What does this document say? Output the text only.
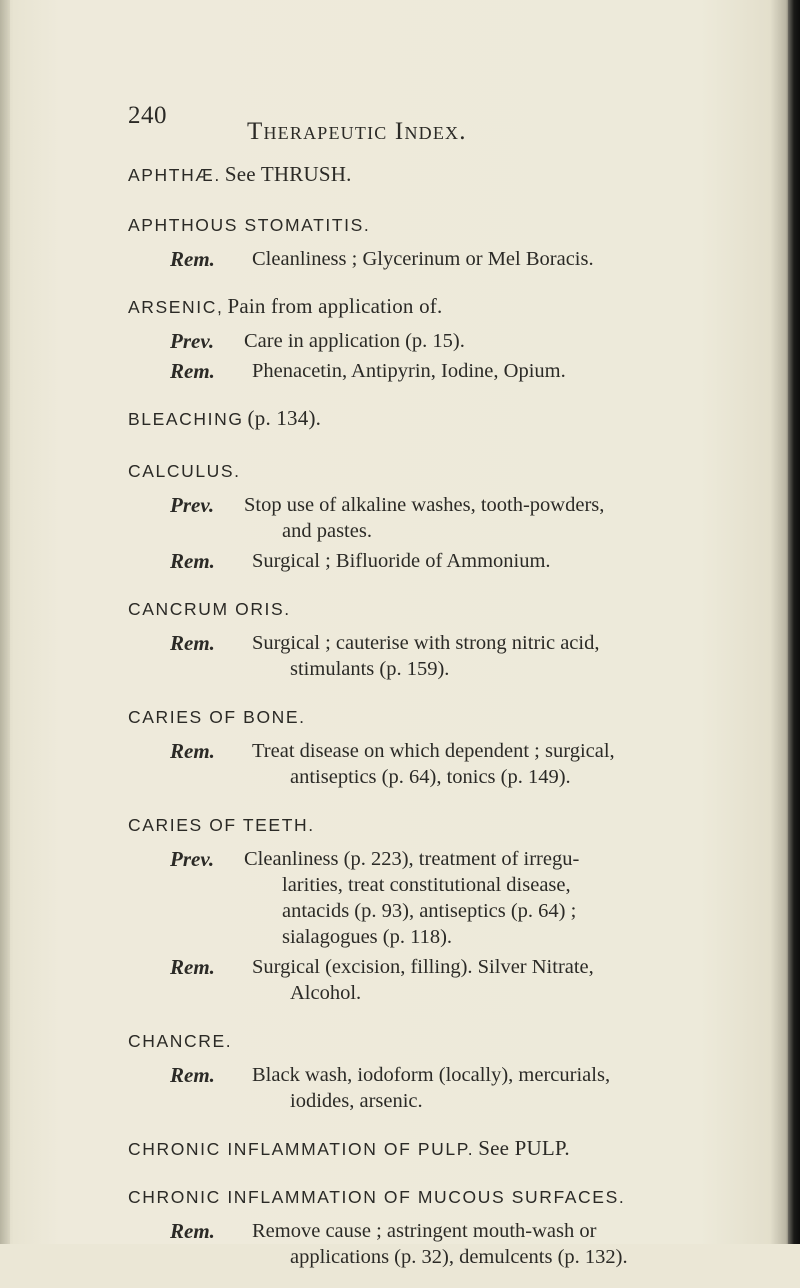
240
Therapeutic Index.
APHTHÆ. See THRUSH.
APHTHOUS STOMATITIS.
Rem. Cleanliness ; Glycerinum or Mel Boracis.
ARSENIC, Pain from application of.
Prev. Care in application (p. 15).
Rem. Phenacetin, Antipyrin, Iodine, Opium.
BLEACHING (p. 134).
CALCULUS.
Prev. Stop use of alkaline washes, tooth-powders,
and pastes.
Rem. Surgical ; Bifluoride of Ammonium.
CANCRUM ORIS.
Rem. Surgical ; cauterise with strong nitric acid,
stimulants (p. 159).
CARIES OF BONE.
Rem. Treat disease on which dependent ; surgical,
antiseptics (p. 64), tonics (p. 149).
CARIES OF TEETH.
Prev. Cleanliness (p. 223), treatment of irregu-
larities, treat constitutional disease,
antacids (p. 93), antiseptics (p. 64) ;
sialagogues (p. 118).
Rem. Surgical (excision, filling). Silver Nitrate,
Alcohol.
CHANCRE.
Rem. Black wash, iodoform (locally), mercurials,
iodides, arsenic.
CHRONIC INFLAMMATION OF PULP. See PULP.
CHRONIC INFLAMMATION OF MUCOUS SURFACES.
Rem. Remove cause ; astringent mouth-wash or
applications (p. 32), demulcents (p. 132).
